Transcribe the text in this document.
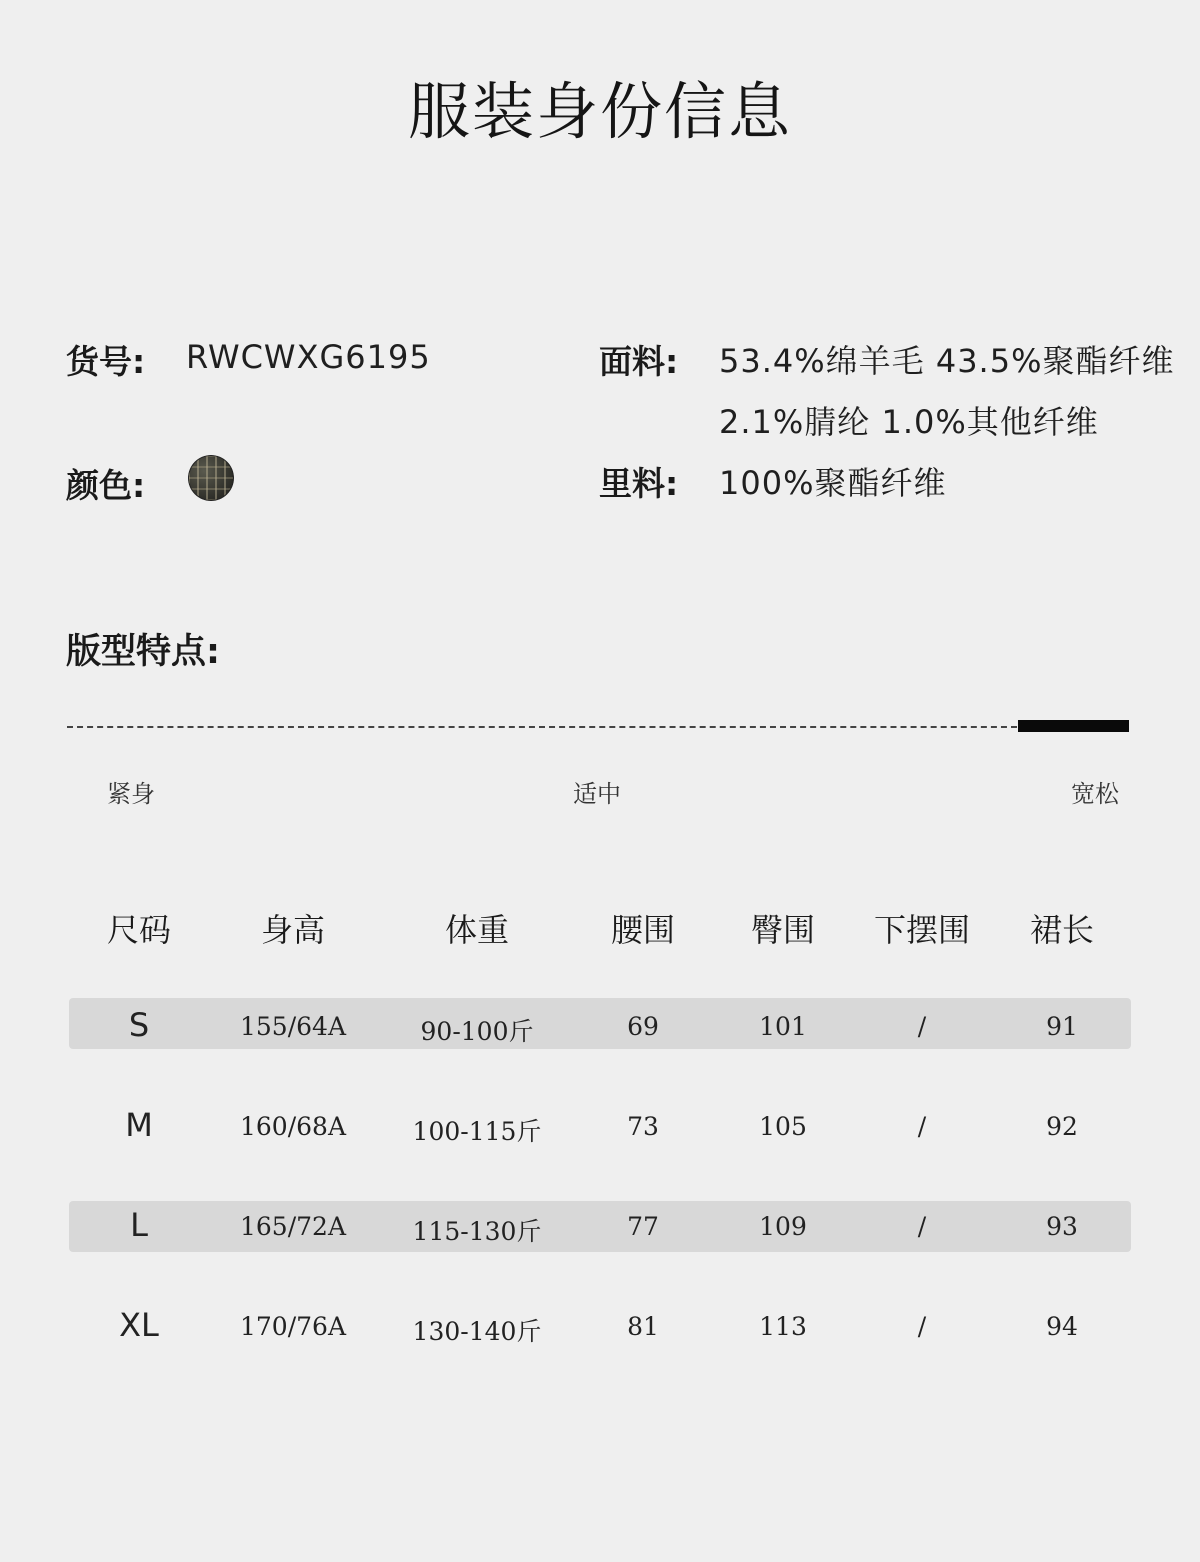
服装身份信息
货号: RWCWXG6195
颜色:
面料: 53.4%绵羊毛 43.5%聚酯纤维
2.1%腈纶 1.0%其他纤维
里料: 100%聚酯纤维
版型特点:
紧身	适中	宽松
尺码	身高	体重	腰围 臀围 下摆围 裙长
S	155/64A	90-100斤	69	101	/	91
M	160/68A	100-115斤	73	105	/	92
L	165/72A	115-130斤	77	109	/	93
XL	170/76A	130-140斤	81	113	/	94
